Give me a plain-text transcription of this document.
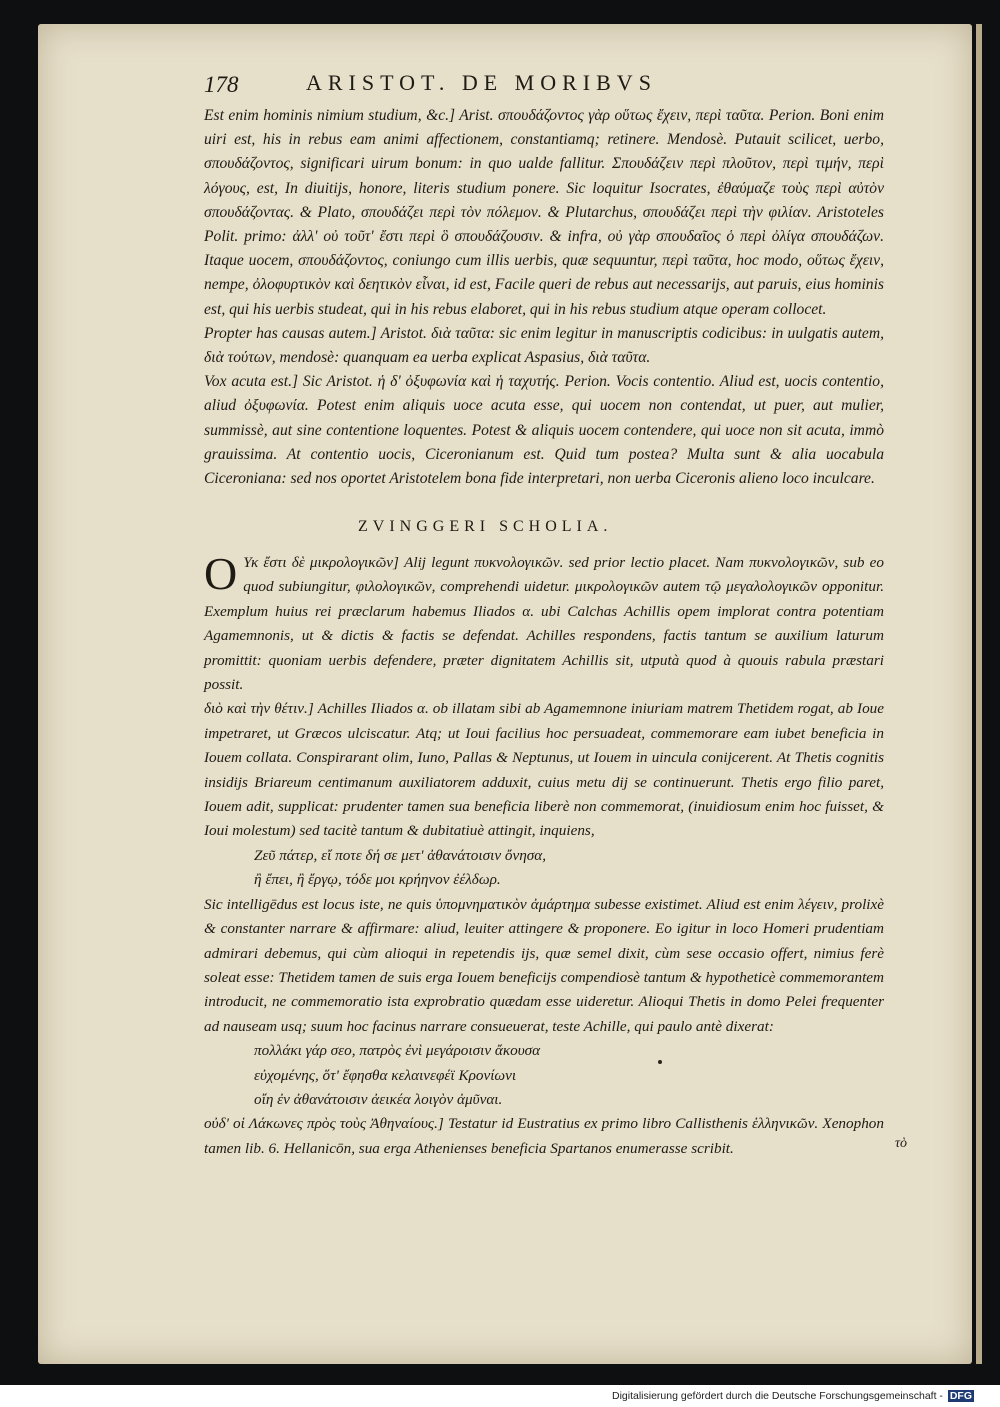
178	ARISTOT. DE MORIBVS

Est enim hominis nimium studium, &c.] Arist. σπουδάζοντος γὰρ οὕτως ἔχειν, περὶ ταῦτα. Perion. Boni enim uiri est, his in rebus eam animi affectionem, constantiamq; retinere. Mendosè. Putauit scilicet, uerbo, σπουδάζοντος, significari uirum bonum: in quo ualde fallitur. Σπουδάζειν περὶ πλοῦτον, περὶ τιμήν, περὶ λόγους, est, In diuitijs, honore, literis studium ponere. Sic loquitur Isocrates, ἐθαύμαζε τοὺς περὶ αὐτὸν σπουδάζοντας. & Plato, σπουδάζει περὶ τὸν πόλεμον. & Plutarchus, σπουδάζει περὶ τὴν φιλίαν. Aristoteles Polit. primo: ἀλλ' οὐ τοῦτ' ἔστι περὶ ὃ σπουδάζουσιν. & infra, οὐ γὰρ σπουδαῖος ὁ περὶ ὀλίγα σπουδάζων. Itaque uocem, σπουδάζοντος, coniungo cum illis uerbis, quæ sequuntur, περὶ ταῦτα, hoc modo, οὕτως ἔχειν, nempe, ὀλοφυρτικὸν καὶ δεητικὸν εἶναι, id est, Facile queri de rebus aut necessarijs, aut paruis, eius hominis est, qui his uerbis studeat, qui in his rebus elaboret, qui in his rebus studium atque operam collocet.

Propter has causas autem.] Aristot. διὰ ταῦτα: sic enim legitur in manuscriptis codicibus: in uulgatis autem, διὰ τούτων, mendosè: quanquam ea uerba explicat Aspasius, διὰ ταῦτα.

Vox acuta est.] Sic Aristot. ἡ δ' ὀξυφωνία καὶ ἡ ταχυτής. Perion. Vocis contentio. Aliud est, uocis contentio, aliud ὀξυφωνία. Potest enim aliquis uoce acuta esse, qui uocem non contendat, ut puer, aut mulier, summissè, aut sine contentione loquentes. Potest & aliquis uocem contendere, qui uoce non sit acuta, immò grauissima. At contentio uocis, Ciceronianum est. Quid tum postea? Multa sunt & alia uocabula Ciceroniana: sed nos oportet Aristotelem bona fide interpretari, non uerba Ciceronis alieno loco inculcare.

ZVINGGERI SCHOLIA.

O Υκ ἔστι δὲ μικρολογικῶν] Alij legunt πυκνολογικῶν. sed prior lectio placet. Nam πυκνολογικῶν, sub eo quod subiungitur, φιλολογικῶν, comprehendi uidetur. μικρολογικῶν autem τῷ μεγαλολογικῶν opponitur. Exemplum huius rei præclarum habemus Iliados α. ubi Calchas Achillis opem implorat contra potentiam Agamemnonis, ut & dictis & factis se defendat. Achilles respondens, factis tantum se auxilium laturum promittit: quoniam uerbis defendere, præter dignitatem Achillis sit, utputà quod à quouis rabula præstari possit.

διὸ καὶ τὴν θέτιν.] Achilles Iliados α. ob illatam sibi ab Agamemnone iniuriam matrem Thetidem rogat, ab Ioue impetraret, ut Græcos ulciscatur. Atq; ut Ioui facilius hoc persuadeat, commemorare eam iubet beneficia in Iouem collata. Conspirarant olim, Iuno, Pallas & Neptunus, ut Iouem in uincula conijcerent. At Thetis cognitis insidijs Briareum centimanum auxiliatorem adduxit, cuius metu dij se continuerunt. Thetis ergo filio paret, Iouem adit, supplicat: prudenter tamen sua beneficia liberè non commemorat, (inuidiosum enim hoc fuisset, & Ioui molestum) sed tacitè tantum & dubitatiuè attingit, inquiens,

Ζεῦ πάτερ, εἴ ποτε δή σε μετ' ἀθανάτοισιν ὄνησα,

ἢ ἔπει, ἢ ἔργῳ, τόδε μοι κρήηνον ἐέλδωρ.

Sic intelligēdus est locus iste, ne quis ὑπομνηματικὸν ἀμάρτημα subesse existimet. Aliud est enim λέγειν, prolixè & constanter narrare & affirmare: aliud, leuiter attingere & proponere. Eo igitur in loco Homeri prudentiam admirari debemus, qui cùm alioqui in repetendis ijs, quæ semel dixit, cùm sese occasio offert, nimius ferè soleat esse: Thetidem tamen de suis erga Iouem beneficijs compendiosè tantum & hypotheticè commemorantem introducit, ne commemoratio ista exprobratio quædam esse uideretur. Alioqui Thetis in domo Pelei frequenter ad nauseam usq; suum hoc facinus narrare consueuerat, teste Achille, qui paulo antè dixerat:

πολλάκι γάρ σεο, πατρὸς ἐνὶ μεγάροισιν ἄκουσα

εὐχομένης, ὅτ' ἔφησθα κελαινεφέϊ Κρονίωνι

οἴη ἐν ἀθανάτοισιν ἀεικέα λοιγὸν ἀμῦναι.

οὐδ' οἱ Λάκωνες πρὸς τοὺς Ἀθηναίους.] Testatur id Eustratius ex primo libro Callisthenis ἑλληνικῶν. Xenophon tamen lib. 6. Hellanicōn, sua erga Athenienses beneficia Spartanos enumerasse scribit.	τὸ
Digitalisierung gefördert durch die Deutsche Forschungsgemeinschaft - DFG
